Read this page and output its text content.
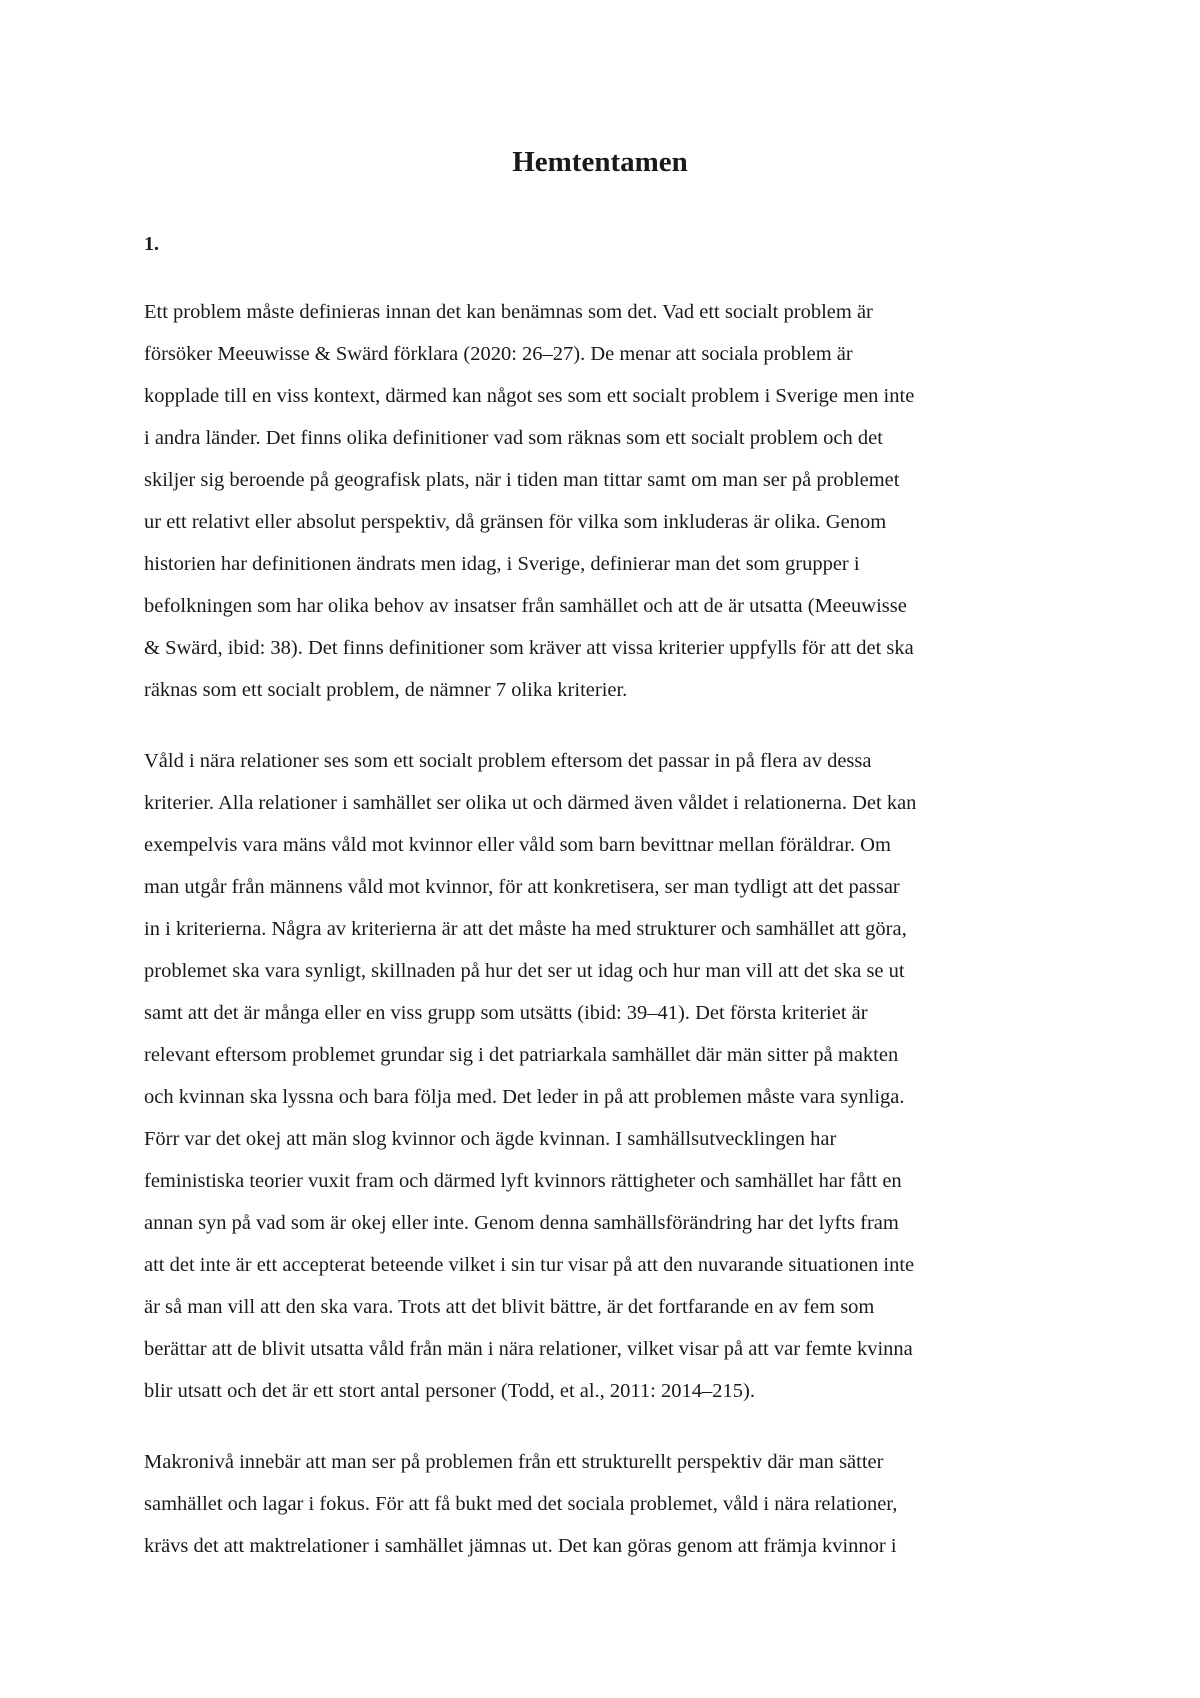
Hemtentamen
1.

Ett problem måste definieras innan det kan benämnas som det. Vad ett socialt problem är

försöker Meeuwisse & Swärd förklara (2020: 26–27). De menar att sociala problem är

kopplade till en viss kontext, därmed kan något ses som ett socialt problem i Sverige men inte

i andra länder. Det finns olika definitioner vad som räknas som ett socialt problem och det

skiljer sig beroende på geografisk plats, när i tiden man tittar samt om man ser på problemet

ur ett relativt eller absolut perspektiv, då gränsen för vilka som inkluderas är olika. Genom

historien har definitionen ändrats men idag, i Sverige, definierar man det som grupper i

befolkningen som har olika behov av insatser från samhället och att de är utsatta (Meeuwisse

& Swärd, ibid: 38). Det finns definitioner som kräver att vissa kriterier uppfylls för att det ska

räknas som ett socialt problem, de nämner 7 olika kriterier.

Våld i nära relationer ses som ett socialt problem eftersom det passar in på flera av dessa

kriterier. Alla relationer i samhället ser olika ut och därmed även våldet i relationerna. Det kan

exempelvis vara mäns våld mot kvinnor eller våld som barn bevittnar mellan föräldrar. Om

man utgår från männens våld mot kvinnor, för att konkretisera, ser man tydligt att det passar

in i kriterierna. Några av kriterierna är att det måste ha med strukturer och samhället att göra,

problemet ska vara synligt, skillnaden på hur det ser ut idag och hur man vill att det ska se ut

samt att det är många eller en viss grupp som utsätts (ibid: 39–41). Det första kriteriet är

relevant eftersom problemet grundar sig i det patriarkala samhället där män sitter på makten

och kvinnan ska lyssna och bara följa med. Det leder in på att problemen måste vara synliga.

Förr var det okej att män slog kvinnor och ägde kvinnan. I samhällsutvecklingen har

feministiska teorier vuxit fram och därmed lyft kvinnors rättigheter och samhället har fått en

annan syn på vad som är okej eller inte. Genom denna samhällsförändring har det lyfts fram

att det inte är ett accepterat beteende vilket i sin tur visar på att den nuvarande situationen inte

är så man vill att den ska vara. Trots att det blivit bättre, är det fortfarande en av fem som

berättar att de blivit utsatta våld från män i nära relationer, vilket visar på att var femte kvinna

blir utsatt och det är ett stort antal personer (Todd, et al., 2011: 2014–215).

Makronivå innebär att man ser på problemen från ett strukturellt perspektiv där man sätter

samhället och lagar i fokus. För att få bukt med det sociala problemet, våld i nära relationer,

krävs det att maktrelationer i samhället jämnas ut. Det kan göras genom att främja kvinnor i
